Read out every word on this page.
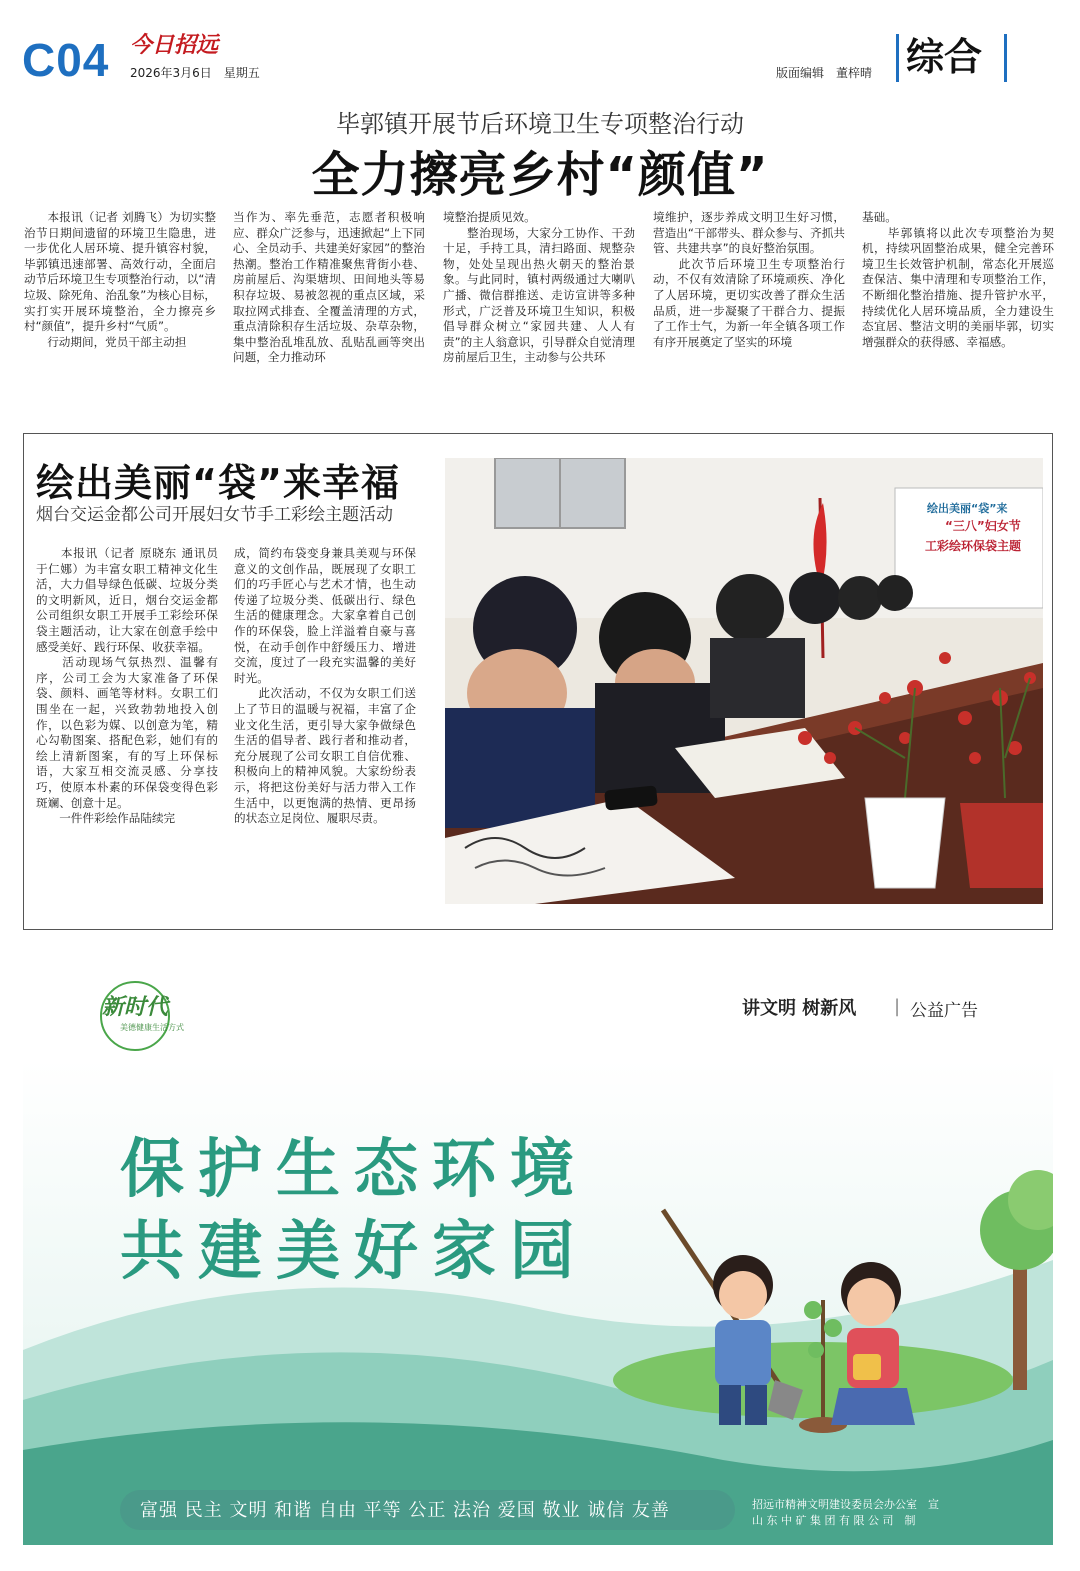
C04 今日招远
2026年3月6日　星期五	版面编辑　董梓晴 综合
毕郭镇开展节后环境卫生专项整治行动
全力擦亮乡村“颜值”
　　本报讯（记者 刘腾飞）为切实整治节日期间遗留的环境卫生隐患，进一步优化人居环境、提升镇容村貌，毕郭镇迅速部署、高效行动，全面启动节后环境卫生专项整治行动，以“清垃圾、除死角、治乱象”为核心目标，实打实开展环境整治，全力擦亮乡村“颜值”，提升乡村“气质”。
　　行动期间，党员干部主动担
当作为、率先垂范，志愿者积极响应、群众广泛参与，迅速掀起“上下同心、全员动手、共建美好家园”的整治热潮。整治工作精准聚焦背街小巷、房前屋后、沟渠塘坝、田间地头等易积存垃圾、易被忽视的重点区域，采取拉网式排查、全覆盖清理的方式，重点清除积存生活垃圾、杂草杂物，集中整治乱堆乱放、乱贴乱画等突出问题，全力推动环
境整治提质见效。
　　整治现场，大家分工协作、干劲十足，手持工具，清扫路面、规整杂物，处处呈现出热火朝天的整治景象。与此同时，镇村两级通过大喇叭广播、微信群推送、走访宣讲等多种形式，广泛普及环境卫生知识，积极倡导群众树立“家园共建、人人有责”的主人翁意识，引导群众自觉清理房前屋后卫生，主动参与公共环
境维护，逐步养成文明卫生好习惯，营造出“干部带头、群众参与、齐抓共管、共建共享”的良好整治氛围。
　　此次节后环境卫生专项整治行动，不仅有效清除了环境顽疾、净化了人居环境，更切实改善了群众生活品质，进一步凝聚了干群合力、提振了工作士气，为新一年全镇各项工作有序开展奠定了坚实的环境
基础。
　　毕郭镇将以此次专项整治为契机，持续巩固整治成果，健全完善环境卫生长效管护机制，常态化开展巡查保洁、集中清理和专项整治工作，不断细化整治措施、提升管护水平，持续优化人居环境品质，全力建设生态宜居、整洁文明的美丽毕郭，切实增强群众的获得感、幸福感。
绘出美丽“袋”来幸福
烟台交运金都公司开展妇女节手工彩绘主题活动
　　本报讯（记者 原晓东 通讯员 于仁娜）为丰富女职工精神文化生活，大力倡导绿色低碳、垃圾分类的文明新风，近日，烟台交运金都公司组织女职工开展手工彩绘环保袋主题活动，让大家在创意手绘中感受美好、践行环保、收获幸福。
　　活动现场气氛热烈、温馨有序，公司工会为大家准备了环保袋、颜料、画笔等材料。女职工们围坐在一起，兴致勃勃地投入创作，以色彩为媒、以创意为笔，精心勾勒图案、搭配色彩，她们有的绘上清新图案，有的写上环保标语，大家互相交流灵感、分享技巧，使原本朴素的环保袋变得色彩斑斓、创意十足。
　　一件件彩绘作品陆续完
成，简约布袋变身兼具美观与环保意义的文创作品，既展现了女职工们的巧手匠心与艺术才情，也生动传递了垃圾分类、低碳出行、绿色生活的健康理念。大家拿着自己创作的环保袋，脸上洋溢着自豪与喜悦，在动手创作中舒缓压力、增进交流，度过了一段充实温馨的美好时光。
　　此次活动，不仅为女职工们送上了节日的温暖与祝福，丰富了企业文化生活，更引导大家争做绿色生活的倡导者、践行者和推动者，充分展现了公司女职工自信优雅、积极向上的精神风貌。大家纷纷表示，将把这份美好与活力带入工作生活中，以更饱满的热情、更昂扬的状态立足岗位、履职尽责。
绘出美丽“袋”来
“三八”妇女节
工彩绘环保袋主题
新时代
美德健康生活方式
讲文明 树新风 | 公益广告
保护生态环境
共建美好家园
富强 民主 文明 和谐 自由 平等 公正 法治 爱国 敬业 诚信 友善	招远市精神文明建设委员会办公室　宣
山 东 中 矿 集 团 有 限 公 司　制
